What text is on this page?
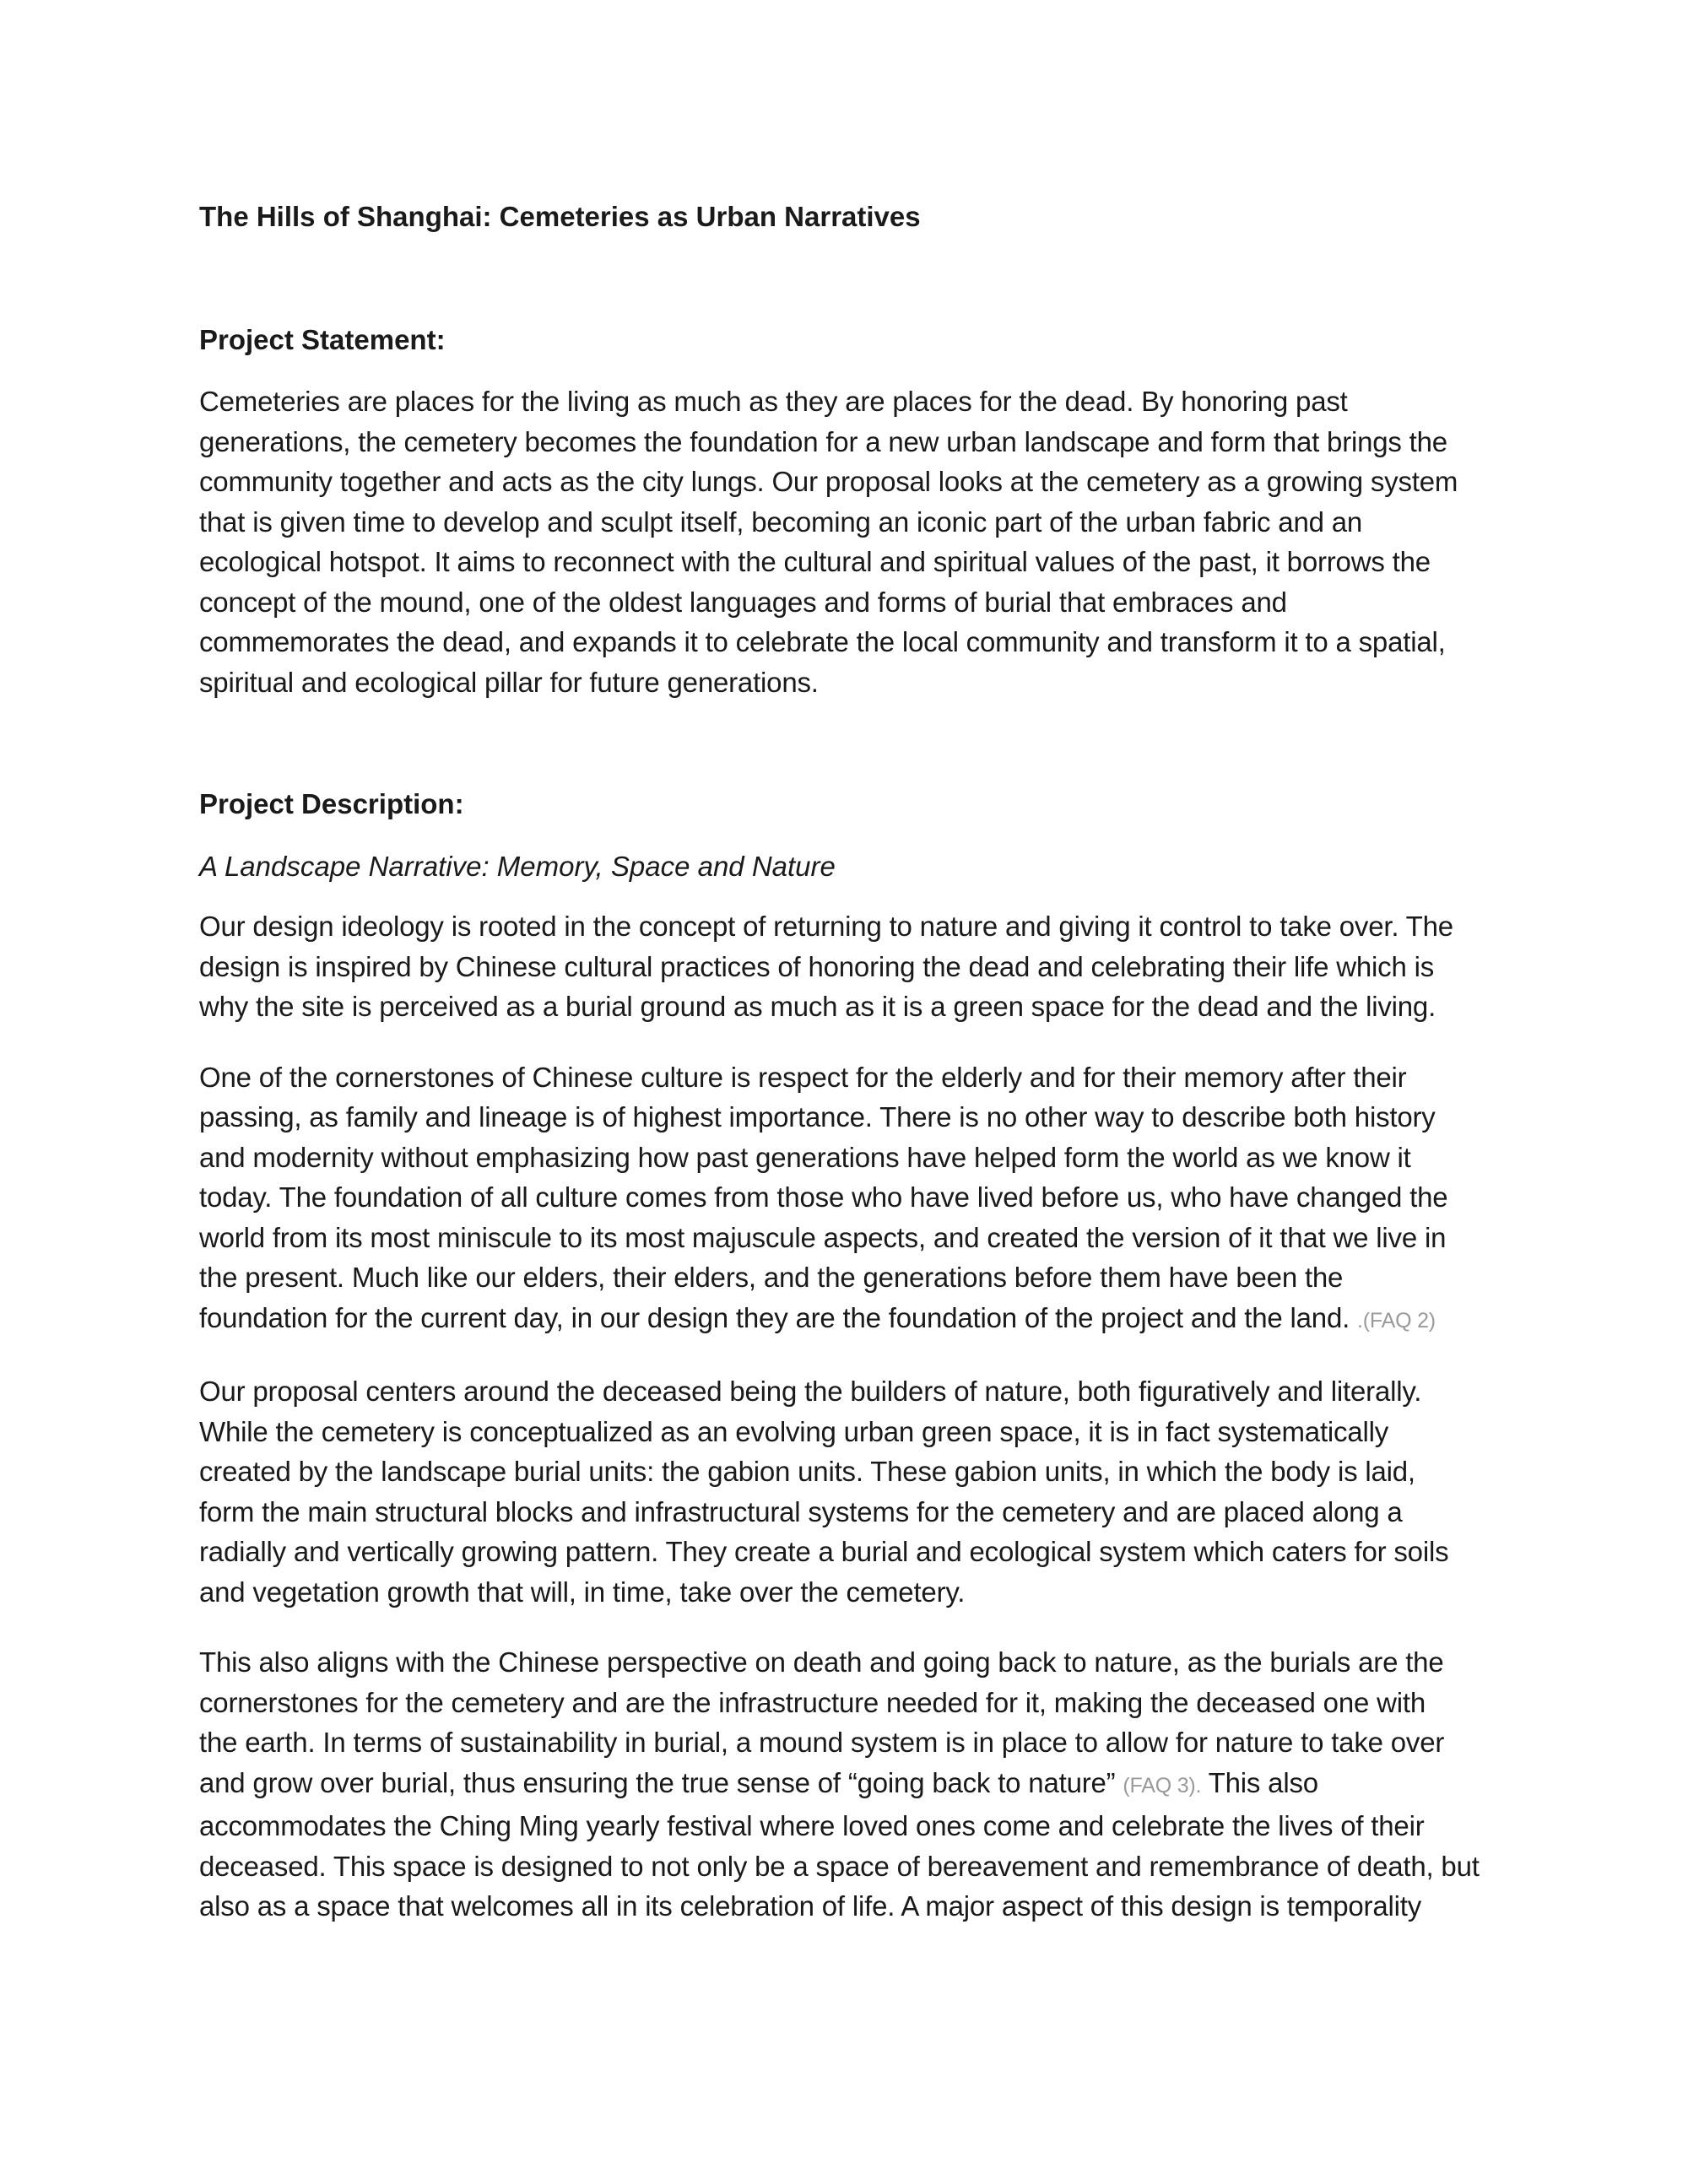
The Hills of Shanghai: Cemeteries as Urban Narratives
Project Statement:

Cemeteries are places for the living as much as they are places for the dead. By honoring past
generations, the cemetery becomes the foundation for a new urban landscape and form that brings the
community together and acts as the city lungs. Our proposal looks at the cemetery as a growing system
that is given time to develop and sculpt itself, becoming an iconic part of the urban fabric and an
ecological hotspot. It aims to reconnect with the cultural and spiritual values of the past, it borrows the
concept of the mound, one of the oldest languages and forms of burial that embraces and
commemorates the dead, and expands it to celebrate the local community and transform it to a spatial,
spiritual and ecological pillar for future generations.

Project Description:
A Landscape Narrative: Memory, Space and Nature

Our design ideology is rooted in the concept of returning to nature and giving it control to take over. The
design is inspired by Chinese cultural practices of honoring the dead and celebrating their life which is
why the site is perceived as a burial ground as much as it is a green space for the dead and the living.

One of the cornerstones of Chinese culture is respect for the elderly and for their memory after their
passing, as family and lineage is of highest importance. There is no other way to describe both history
and modernity without emphasizing how past generations have helped form the world as we know it
today. The foundation of all culture comes from those who have lived before us, who have changed the
world from its most miniscule to its most majuscule aspects, and created the version of it that we live in
the present. Much like our elders, their elders, and the generations before them have been the
foundation for the current day, in our design they are the foundation of the project and the land. .(FAQ 2)

Our proposal centers around the deceased being the builders of nature, both figuratively and literally.
While the cemetery is conceptualized as an evolving urban green space, it is in fact systematically
created by the landscape burial units: the gabion units. These gabion units, in which the body is laid,
form the main structural blocks and infrastructural systems for the cemetery and are placed along a
radially and vertically growing pattern. They create a burial and ecological system which caters for soils
and vegetation growth that will, in time, take over the cemetery.

This also aligns with the Chinese perspective on death and going back to nature, as the burials are the
cornerstones for the cemetery and are the infrastructure needed for it, making the deceased one with
the earth. In terms of sustainability in burial, a mound system is in place to allow for nature to take over
and grow over burial, thus ensuring the true sense of “going back to nature” (FAQ 3). This also
accommodates the Ching Ming yearly festival where loved ones come and celebrate the lives of their
deceased. This space is designed to not only be a space of bereavement and remembrance of death, but
also as a space that welcomes all in its celebration of life. A major aspect of this design is temporality
